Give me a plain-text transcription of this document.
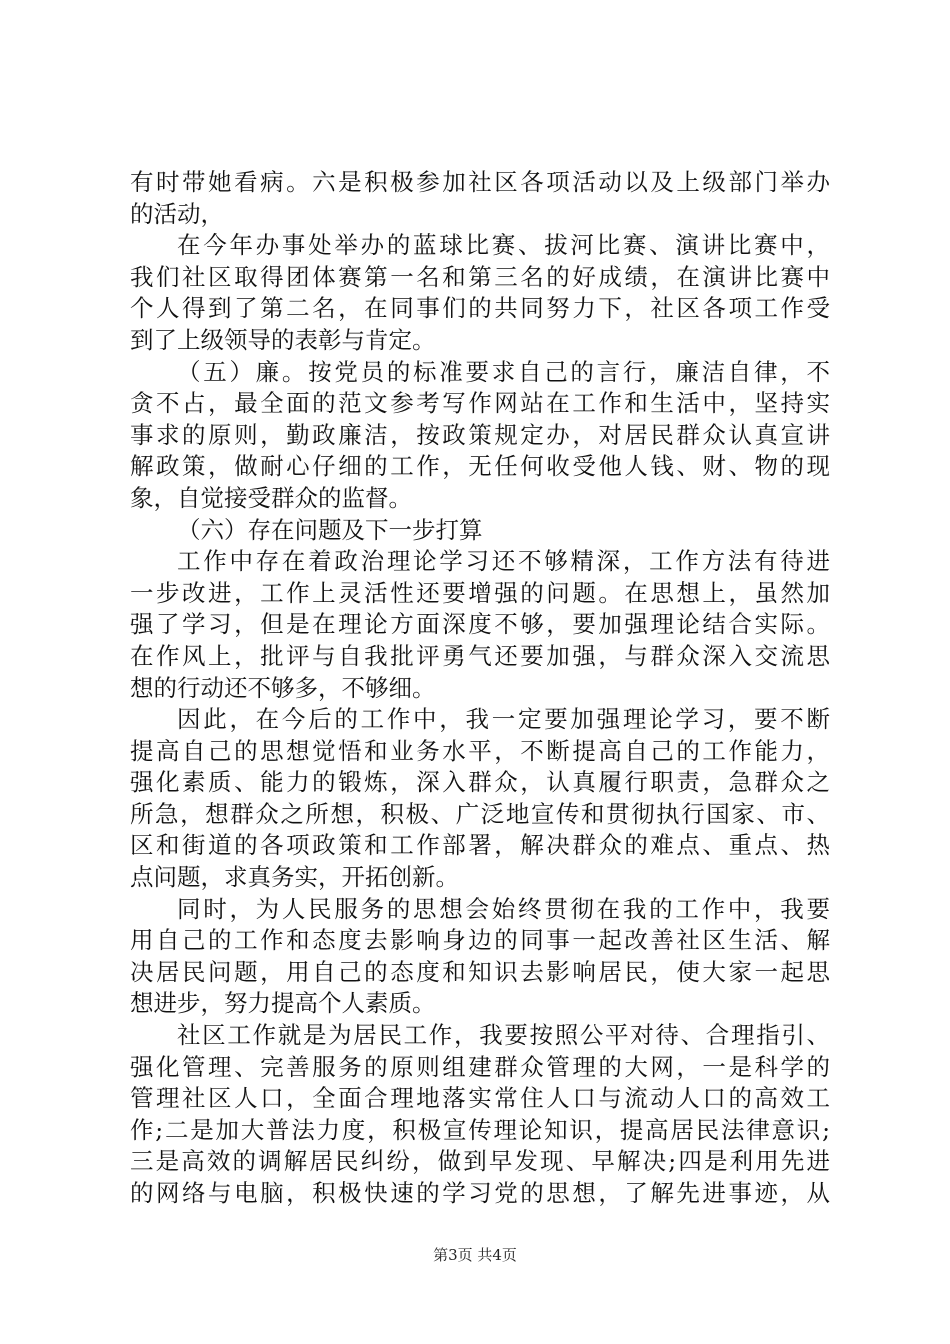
有时带她看病。六是积极参加社区各项活动以及上级部门举办
的活动，
在今年办事处举办的蓝球比赛、拔河比赛、演讲比赛中，
我们社区取得团体赛第一名和第三名的好成绩，在演讲比赛中
个人得到了第二名，在同事们的共同努力下，社区各项工作受
到了上级领导的表彰与肯定。
（五）廉。按党员的标准要求自己的言行，廉洁自律，不
贪不占，最全面的范文参考写作网站在工作和生活中，坚持实
事求的原则，勤政廉洁，按政策规定办，对居民群众认真宣讲
解政策，做耐心仔细的工作，无任何收受他人钱、财、物的现
象，自觉接受群众的监督。
（六）存在问题及下一步打算
工作中存在着政治理论学习还不够精深，工作方法有待进
一步改进，工作上灵活性还要增强的问题。在思想上，虽然加
强了学习，但是在理论方面深度不够，要加强理论结合实际。
在作风上，批评与自我批评勇气还要加强，与群众深入交流思
想的行动还不够多，不够细。
因此，在今后的工作中，我一定要加强理论学习，要不断
提高自己的思想觉悟和业务水平，不断提高自己的工作能力，
强化素质、能力的锻炼，深入群众，认真履行职责，急群众之
所急，想群众之所想，积极、广泛地宣传和贯彻执行国家、市、
区和街道的各项政策和工作部署，解决群众的难点、重点、热
点问题，求真务实，开拓创新。
同时，为人民服务的思想会始终贯彻在我的工作中，我要
用自己的工作和态度去影响身边的同事一起改善社区生活、解
决居民问题，用自己的态度和知识去影响居民，使大家一起思
想进步，努力提高个人素质。
社区工作就是为居民工作，我要按照公平对待、合理指引、
强化管理、完善服务的原则组建群众管理的大网，一是科学的
管理社区人口，全面合理地落实常住人口与流动人口的高效工
作;二是加大普法力度，积极宣传理论知识，提高居民法律意识;
三是高效的调解居民纠纷，做到早发现、早解决;四是利用先进
的网络与电脑，积极快速的学习党的思想，了解先进事迹，从
第3页 共4页
